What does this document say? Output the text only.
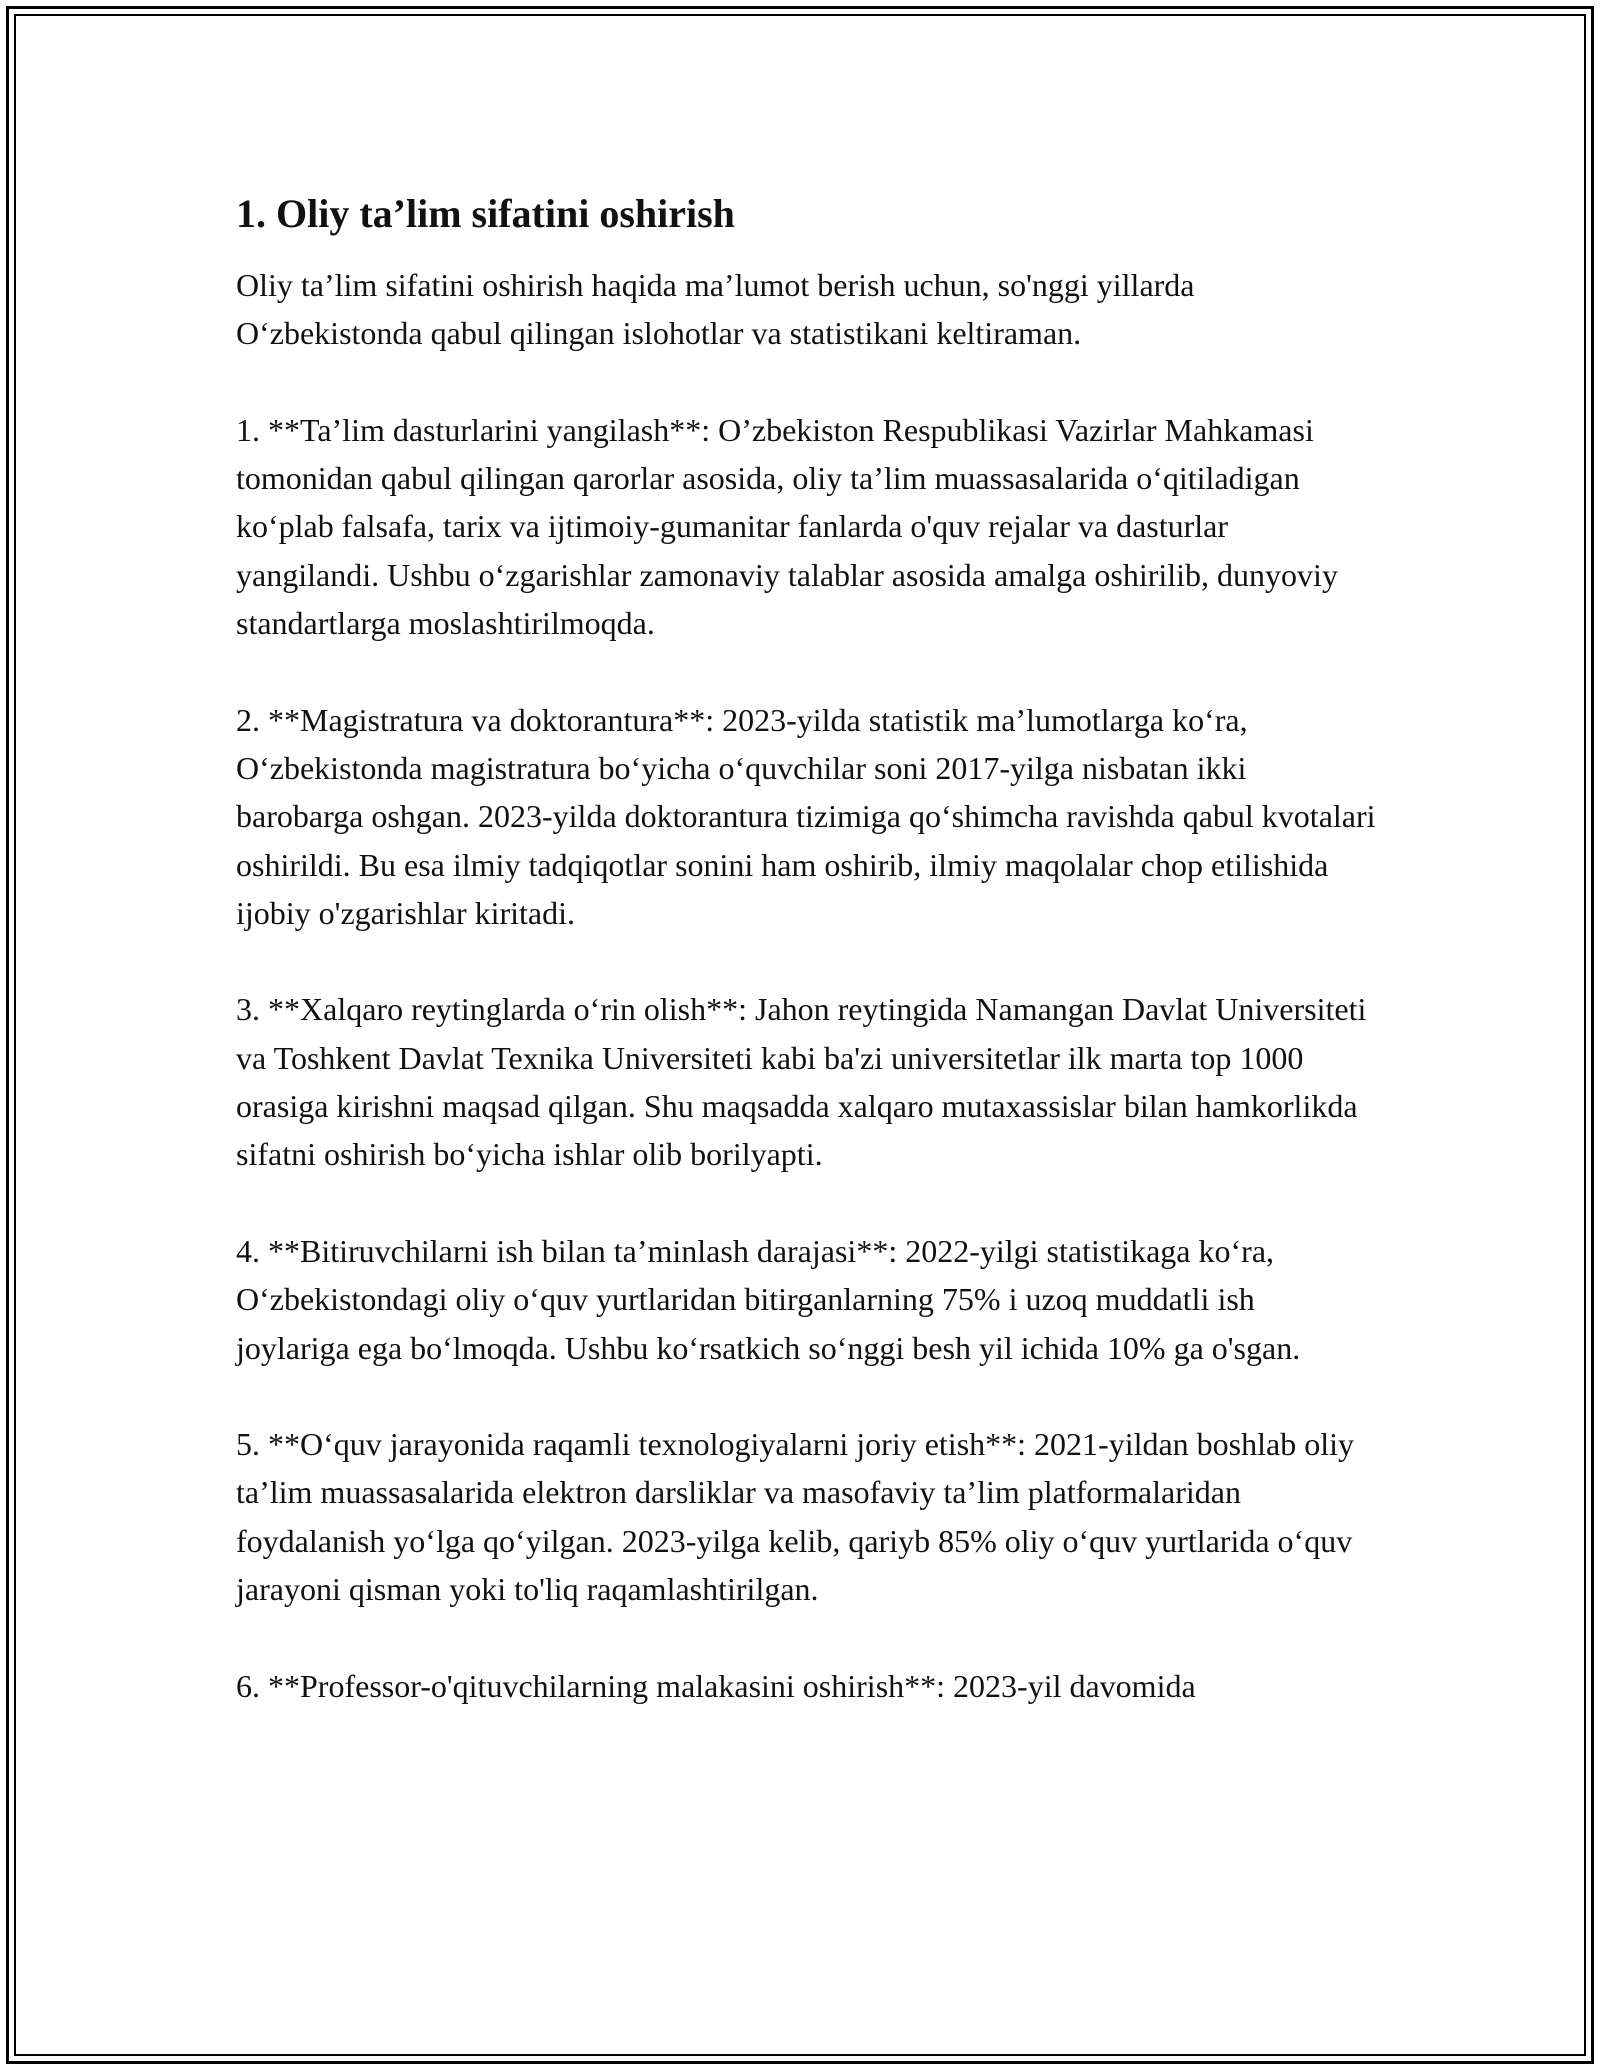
1. Oliy ta’lim sifatini oshirish

Oliy ta’lim sifatini oshirish haqida ma’lumot berish uchun, so'nggi yillarda O‘zbekistonda qabul qilingan islohotlar va statistikani keltiraman.

1. **Ta’lim dasturlarini yangilash**: O’zbekiston Respublikasi Vazirlar Mahkamasi tomonidan qabul qilingan qarorlar asosida, oliy ta’lim muassasalarida o‘qitiladigan ko‘plab falsafa, tarix va ijtimoiy-gumanitar fanlarda o'quv rejalar va dasturlar yangilandi. Ushbu o‘zgarishlar zamonaviy talablar asosida amalga oshirilib, dunyoviy standartlarga moslashtirilmoqda.

2. **Magistratura va doktorantura**: 2023-yilda statistik ma’lumotlarga ko‘ra, O‘zbekistonda magistratura bo‘yicha o‘quvchilar soni 2017-yilga nisbatan ikki barobarga oshgan. 2023-yilda doktorantura tizimiga qo‘shimcha ravishda qabul kvotalari oshirildi. Bu esa ilmiy tadqiqotlar sonini ham oshirib, ilmiy maqolalar chop etilishida ijobiy o'zgarishlar kiritadi.

3. **Xalqaro reytinglarda o‘rin olish**: Jahon reytingida Namangan Davlat Universiteti va Toshkent Davlat Texnika Universiteti kabi ba'zi universitetlar ilk marta top 1000 orasiga kirishni maqsad qilgan. Shu maqsadda xalqaro mutaxassislar bilan hamkorlikda sifatni oshirish bo‘yicha ishlar olib borilyapti.

4. **Bitiruvchilarni ish bilan ta’minlash darajasi**: 2022-yilgi statistikaga ko‘ra, O‘zbekistondagi oliy o‘quv yurtlaridan bitirganlarning 75% i uzoq muddatli ish joylariga ega bo‘lmoqda. Ushbu ko‘rsatkich so‘nggi besh yil ichida 10% ga o'sgan.

5. **O‘quv jarayonida raqamli texnologiyalarni joriy etish**: 2021-yildan boshlab oliy ta’lim muassasalarida elektron darsliklar va masofaviy ta’lim platformalaridan foydalanish yo‘lga qo‘yilgan. 2023-yilga kelib, qariyb 85% oliy o‘quv yurtlarida o‘quv jarayoni qisman yoki to'liq raqamlashtirilgan.

6. **Professor-o'qituvchilarning malakasini oshirish**: 2023-yil davomida
